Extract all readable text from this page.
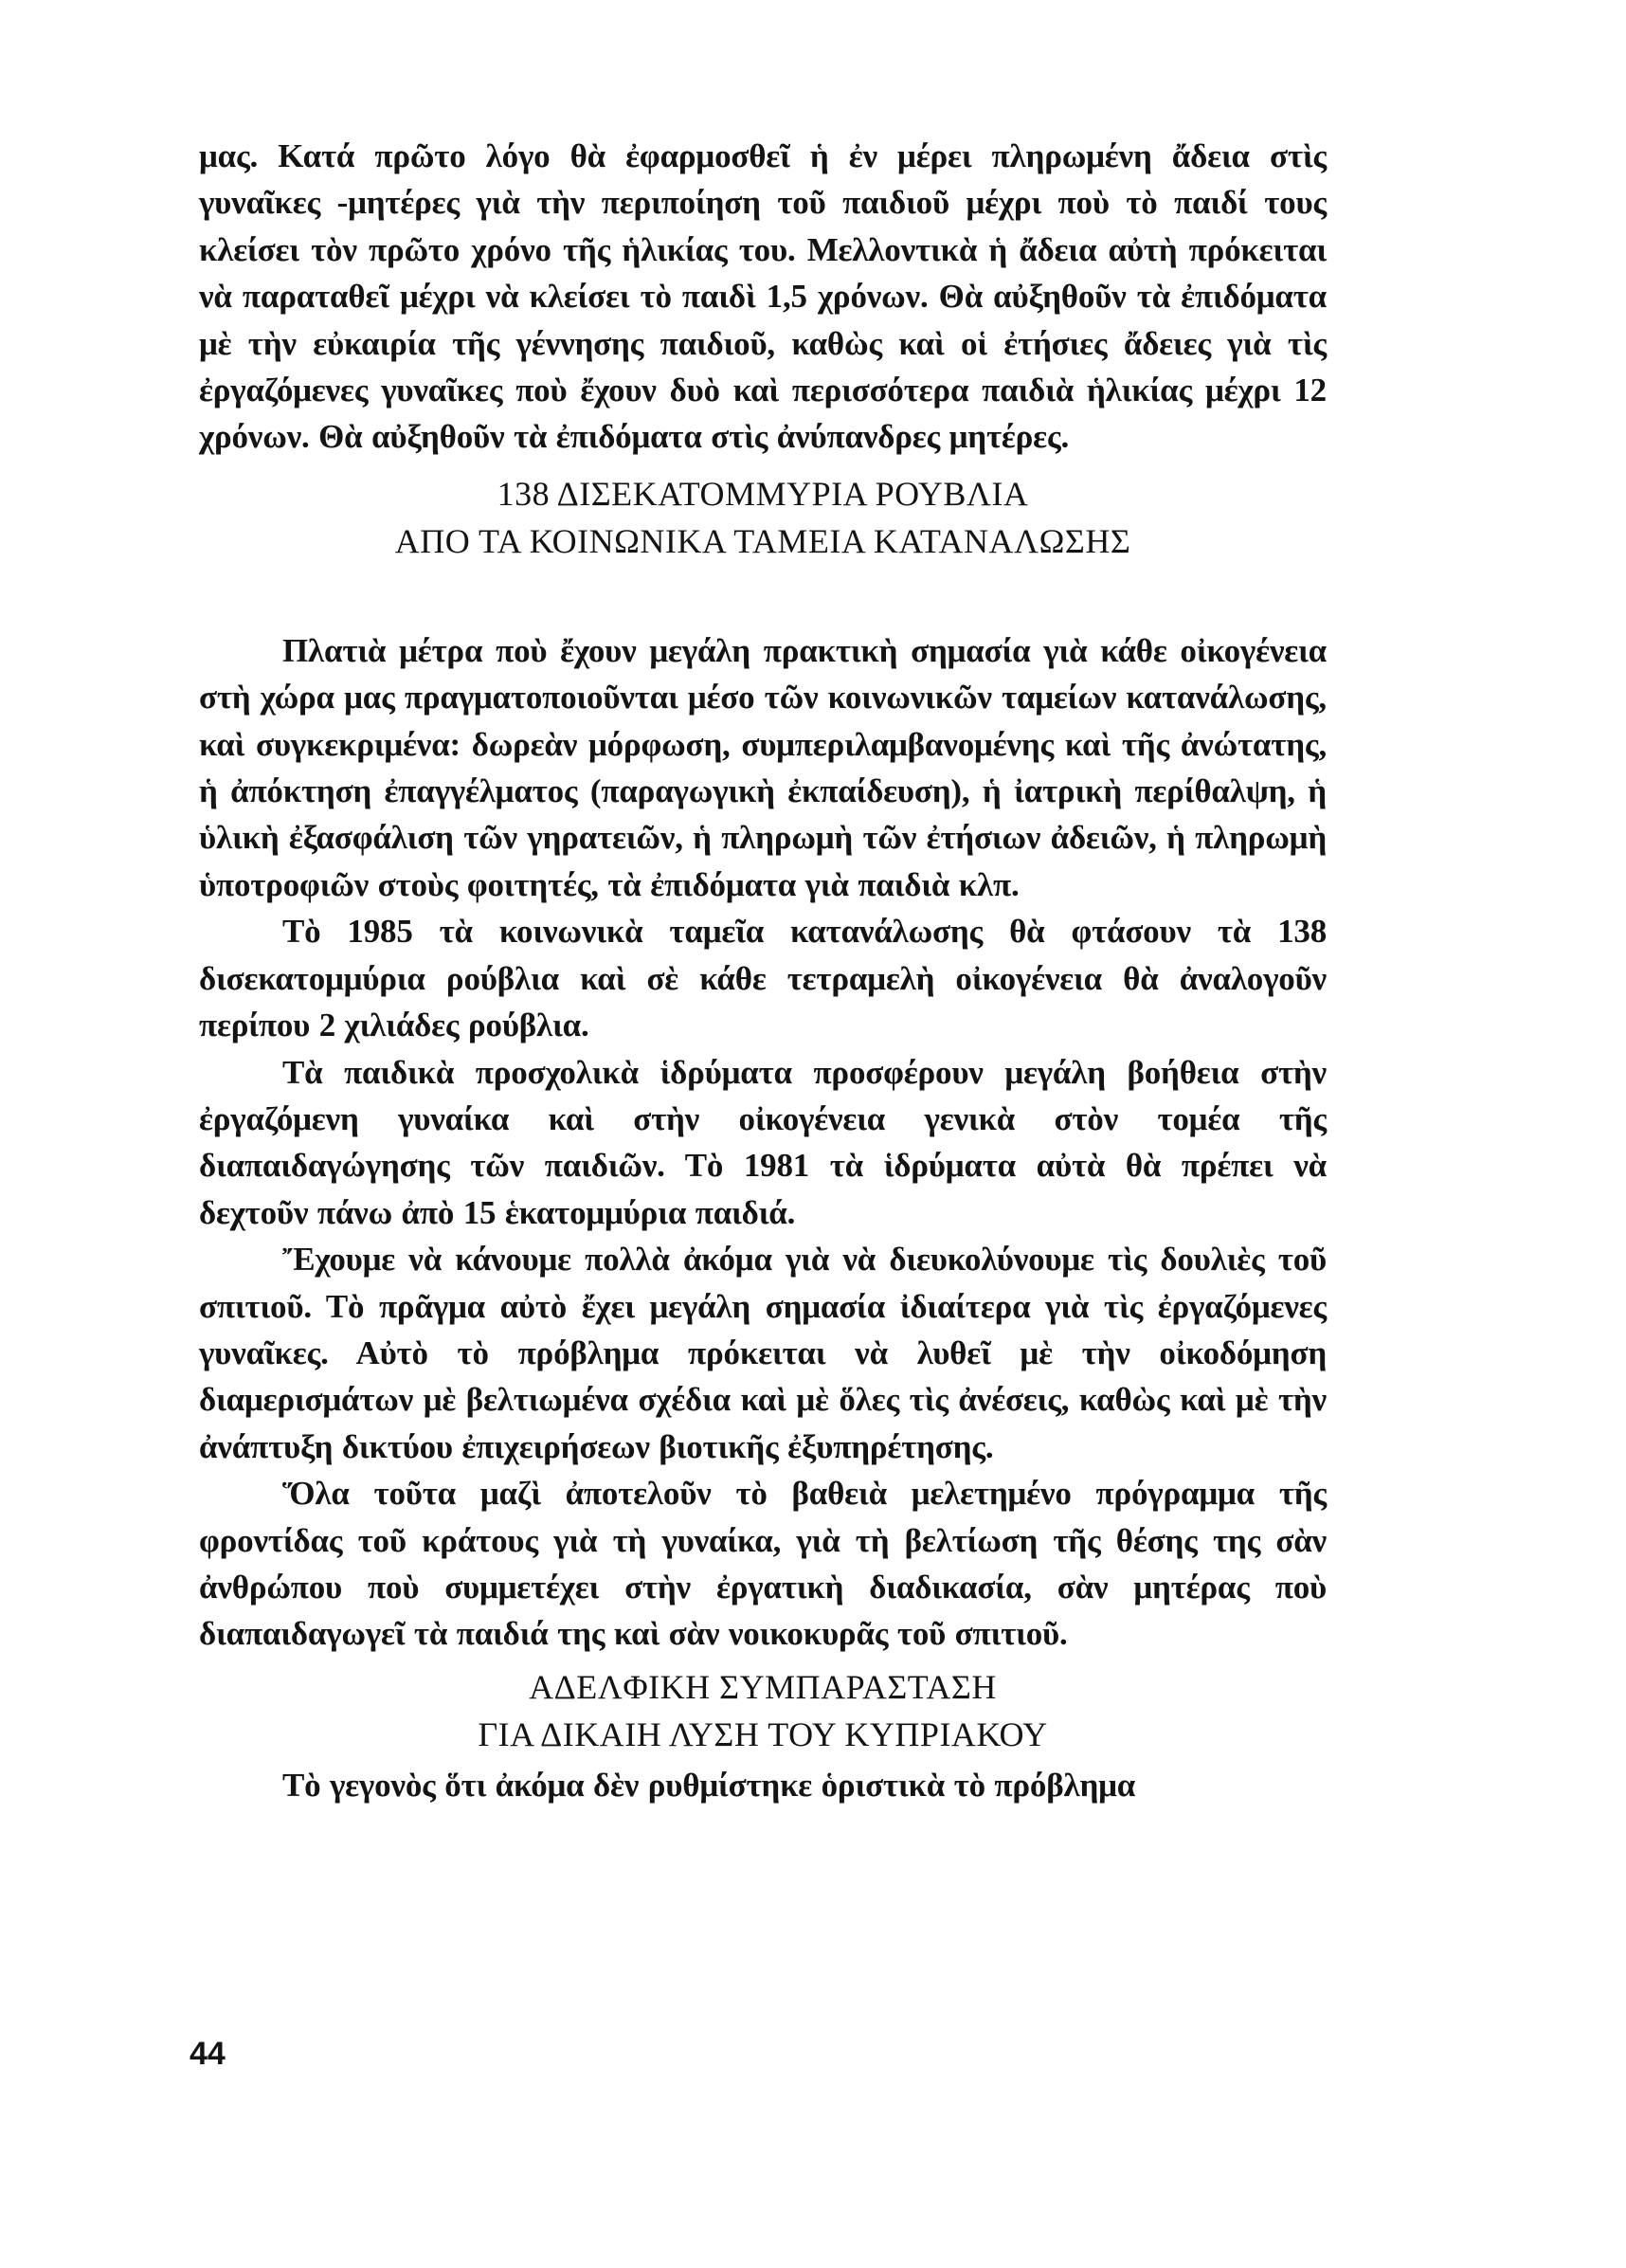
μας. Κατά πρῶτο λόγο θὰ ἐφαρμοσθεῖ ἡ ἐν μέρει πληρωμένη ἄδεια στὶς γυναῖκες -μητέρες γιὰ τὴν περιποίηση τοῦ παιδιοῦ μέχρι ποὺ τὸ παιδί τους κλείσει τὸν πρῶτο χρόνο τῆς ἡλικίας του. Μελλοντικὰ ἡ ἄδεια αὐτὴ πρόκειται νὰ παραταθεῖ μέχρι νὰ κλείσει τὸ παιδὶ 1,5 χρόνων. Θὰ αὐξηθοῦν τὰ ἐπιδόματα μὲ τὴν εὐκαιρία τῆς γέννησης παιδιοῦ, καθὼς καὶ οἱ ἐτήσιες ἄδειες γιὰ τὶς ἐργαζόμενες γυναῖκες ποὺ ἔχουν δυὸ καὶ περισσότερα παιδιὰ ἡλικίας μέχρι 12 χρόνων. Θὰ αὐξηθοῦν τὰ ἐπιδόματα στὶς ἀνύπανδρες μητέρες.

138 ΔΙΣΕΚΑΤΟΜΜΥΡΙΑ ΡΟΥΒΛΙΑ
ΑΠΟ ΤΑ ΚΟΙΝΩΝΙΚΑ ΤΑΜΕΙΑ ΚΑΤΑΝΑΛΩΣΗΣ

Πλατιὰ μέτρα ποὺ ἔχουν μεγάλη πρακτικὴ σημασία γιὰ κάθε οἰκογένεια στὴ χώρα μας πραγματοποιοῦνται μέσο τῶν κοινωνικῶν ταμείων κατανάλωσης, καὶ συγκεκριμένα: δωρεὰν μόρφωση, συμπεριλαμβανομένης καὶ τῆς ἀνώτατης, ἡ ἀπόκτηση ἐπαγγέλματος (παραγωγικὴ ἐκπαίδευση), ἡ ἰατρικὴ περίθαλψη, ἡ ὑλικὴ ἐξασφάλιση τῶν γηρατειῶν, ἡ πληρωμὴ τῶν ἐτήσιων ἀδειῶν, ἡ πληρωμὴ ὑποτροφιῶν στοὺς φοιτητές, τὰ ἐπιδόματα γιὰ παιδιὰ κλπ.

Τὸ 1985 τὰ κοινωνικὰ ταμεῖα κατανάλωσης θὰ φτάσουν τὰ 138 δισεκατομμύρια ρούβλια καὶ σὲ κάθε τετραμελὴ οἰκογένεια θὰ ἀναλογοῦν περίπου 2 χιλιάδες ρούβλια.

Τὰ παιδικὰ προσχολικὰ ἱδρύματα προσφέρουν μεγάλη βοήθεια στὴν ἐργαζόμενη γυναίκα καὶ στὴν οἰκογένεια γενικὰ στὸν τομέα τῆς διαπαιδαγώγησης τῶν παιδιῶν. Τὸ 1981 τὰ ἱδρύματα αὐτὰ θὰ πρέπει νὰ δεχτοῦν πάνω ἀπὸ 15 ἑκατομμύρια παιδιά.

Ἔχουμε νὰ κάνουμε πολλὰ ἀκόμα γιὰ νὰ διευκολύνουμε τὶς δουλιὲς τοῦ σπιτιοῦ. Τὸ πρᾶγμα αὐτὸ ἔχει μεγάλη σημασία ἰδιαίτερα γιὰ τὶς ἐργαζόμενες γυναῖκες. Αὐτὸ τὸ πρόβλημα πρόκειται νὰ λυθεῖ μὲ τὴν οἰκοδόμηση διαμερισμάτων μὲ βελτιωμένα σχέδια καὶ μὲ ὅλες τὶς ἀνέσεις, καθὼς καὶ μὲ τὴν ἀνάπτυξη δικτύου ἐπιχειρήσεων βιοτικῆς ἐξυπηρέτησης.

Ὅλα τοῦτα μαζὶ ἀποτελοῦν τὸ βαθειὰ μελετημένο πρόγραμμα τῆς φροντίδας τοῦ κράτους γιὰ τὴ γυναίκα, γιὰ τὴ βελτίωση τῆς θέσης της σὰν ἀνθρώπου ποὺ συμμετέχει στὴν ἐργατικὴ διαδικασία, σὰν μητέρας ποὺ διαπαιδαγωγεῖ τὰ παιδιά της καὶ σὰν νοικοκυρᾶς τοῦ σπιτιοῦ.

ΑΔΕΛΦΙΚΗ ΣΥΜΠΑΡΑΣΤΑΣΗ
ΓΙΑ ΔΙΚΑΙΗ ΛΥΣΗ ΤΟΥ ΚΥΠΡΙΑΚΟΥ

Τὸ γεγονὸς ὅτι ἀκόμα δὲν ρυθμίστηκε ὁριστικὰ τὸ πρόβλημα

44
